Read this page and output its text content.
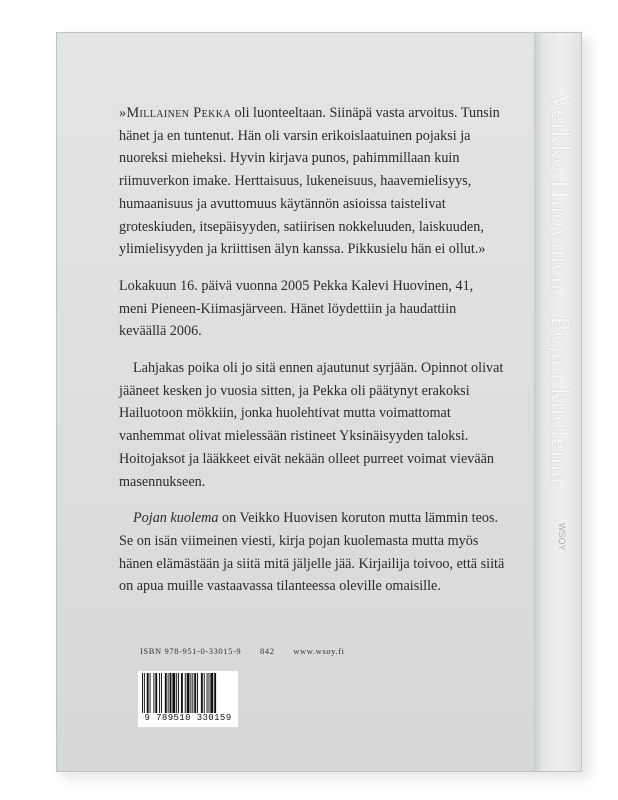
Veikko Huovinen Pojan kuolema
WSOY

»Millainen Pekka oli luonteeltaan. Siinäpä vasta arvoitus. Tunsin hänet ja en tuntenut. Hän oli varsin erikoislaatuinen pojaksi ja nuoreksi mieheksi. Hyvin kirjava punos, pahimmillaan kuin riimuverkon imake. Herttaisuus, lukeneisuus, haavemielisyys, humaanisuus ja avuttomuus käytännön asioissa taistelivat groteskiuden, itsepäisyyden, satiirisen nokkeluuden, laiskuuden, ylimielisyyden ja kriittisen älyn kanssa. Pikkusielu hän ei ollut.»

Lokakuun 16. päivä vuonna 2005 Pekka Kalevi Huovinen, 41, meni Pieneen-Kiimasjärveen. Hänet löydettiin ja haudattiin keväällä 2006.

Lahjakas poika oli jo sitä ennen ajautunut syrjään. Opinnot olivat jääneet kesken jo vuosia sitten, ja Pekka oli päätynyt erakoksi Hailuotoon mökkiin, jonka huolehtivat mutta voimattomat vanhemmat olivat mielessään ristineet Yksinäisyyden taloksi. Hoitojaksot ja lääkkeet eivät nekään olleet purreet voimat vievään masennukseen.

Pojan kuolema on Veikko Huovisen koruton mutta lämmin teos. Se on isän viimeinen viesti, kirja pojan kuolemasta mutta myös hänen elämästään ja siitä mitä jäljelle jää. Kirjailija toivoo, että siitä on apua muille vastaavassa tilanteessa oleville omaisille.

ISBN 978-951-0-33015-9 842 www.wsoy.fi
9 789510 330159
